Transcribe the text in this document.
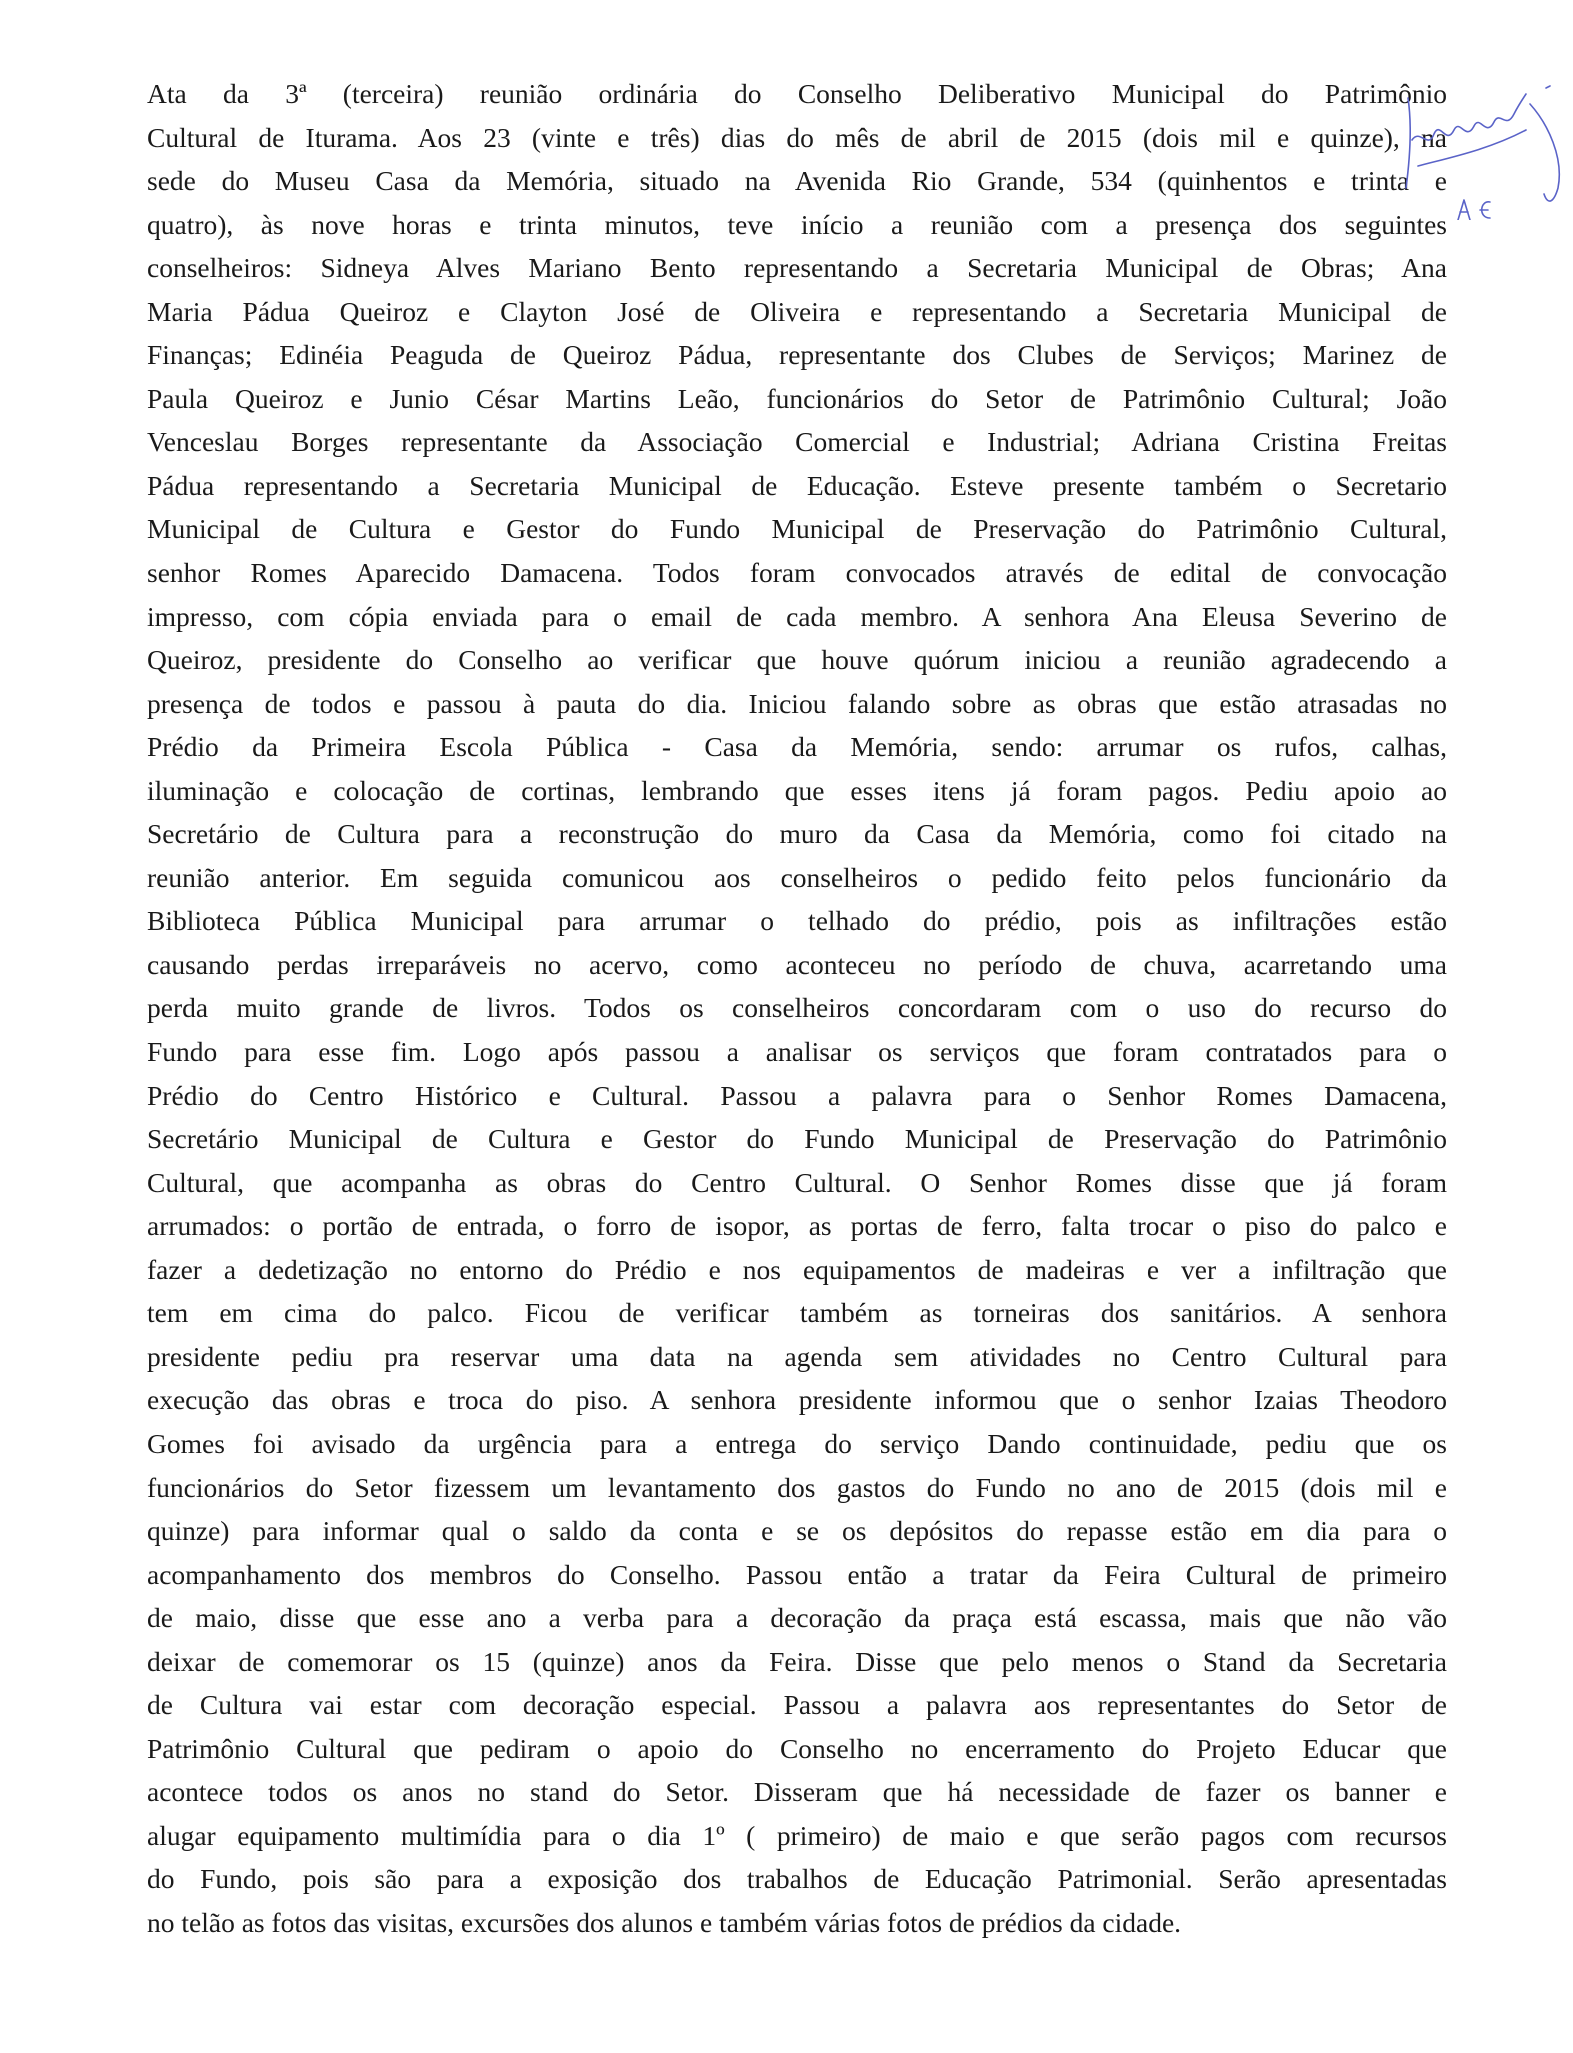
Ata da 3ª (terceira) reunião ordinária do Conselho Deliberativo Municipal do Patrimônio
Cultural de Iturama. Aos 23 (vinte e três) dias do mês de abril de 2015 (dois mil e quinze), na
sede do Museu Casa da Memória, situado na Avenida Rio Grande, 534 (quinhentos e trinta e
quatro), às nove horas e trinta minutos, teve início a reunião com a presença dos seguintes
conselheiros: Sidneya Alves Mariano Bento representando a Secretaria Municipal de Obras; Ana
Maria Pádua Queiroz e Clayton José de Oliveira e representando a Secretaria Municipal de
Finanças; Edinéia Peaguda de Queiroz Pádua, representante dos Clubes de Serviços; Marinez de
Paula Queiroz e Junio César Martins Leão, funcionários do Setor de Patrimônio Cultural; João
Venceslau Borges representante da Associação Comercial e Industrial; Adriana Cristina Freitas
Pádua representando a Secretaria Municipal de Educação. Esteve presente também o Secretario
Municipal de Cultura e Gestor do Fundo Municipal de Preservação do Patrimônio Cultural,
senhor Romes Aparecido Damacena. Todos foram convocados através de edital de convocação
impresso, com cópia enviada para o email de cada membro. A senhora Ana Eleusa Severino de
Queiroz, presidente do Conselho ao verificar que houve quórum iniciou a reunião agradecendo a
presença de todos e passou à pauta do dia. Iniciou falando sobre as obras que estão atrasadas no
Prédio da Primeira Escola Pública - Casa da Memória, sendo: arrumar os rufos, calhas,
iluminação e colocação de cortinas, lembrando que esses itens já foram pagos. Pediu apoio ao
Secretário de Cultura para a reconstrução do muro da Casa da Memória, como foi citado na
reunião anterior. Em seguida comunicou aos conselheiros o pedido feito pelos funcionário da
Biblioteca Pública Municipal para arrumar o telhado do prédio, pois as infiltrações estão
causando perdas irreparáveis no acervo, como aconteceu no período de chuva, acarretando uma
perda muito grande de livros. Todos os conselheiros concordaram com o uso do recurso do
Fundo para esse fim. Logo após passou a analisar os serviços que foram contratados para o
Prédio do Centro Histórico e Cultural. Passou a palavra para o Senhor Romes Damacena,
Secretário Municipal de Cultura e Gestor do Fundo Municipal de Preservação do Patrimônio
Cultural, que acompanha as obras do Centro Cultural. O Senhor Romes disse que já foram
arrumados: o portão de entrada, o forro de isopor, as portas de ferro, falta trocar o piso do palco e
fazer a dedetização no entorno do Prédio e nos equipamentos de madeiras e ver a infiltração que
tem em cima do palco. Ficou de verificar também as torneiras dos sanitários. A senhora
presidente pediu pra reservar uma data na agenda sem atividades no Centro Cultural para
execução das obras e troca do piso. A senhora presidente informou que o senhor Izaias Theodoro
Gomes foi avisado da urgência para a entrega do serviço Dando continuidade, pediu que os
funcionários do Setor fizessem um levantamento dos gastos do Fundo no ano de 2015 (dois mil e
quinze) para informar qual o saldo da conta e se os depósitos do repasse estão em dia para o
acompanhamento dos membros do Conselho. Passou então a tratar da Feira Cultural de primeiro
de maio, disse que esse ano a verba para a decoração da praça está escassa, mais que não vão
deixar de comemorar os 15 (quinze) anos da Feira. Disse que pelo menos o Stand da Secretaria
de Cultura vai estar com decoração especial. Passou a palavra aos representantes do Setor de
Patrimônio Cultural que pediram o apoio do Conselho no encerramento do Projeto Educar que
acontece todos os anos no stand do Setor. Disseram que há necessidade de fazer os banner e
alugar equipamento multimídia para o dia 1º ( primeiro) de maio e que serão pagos com recursos
do Fundo, pois são para a exposição dos trabalhos de Educação Patrimonial. Serão apresentadas
no telão as fotos das visitas, excursões dos alunos e também várias fotos de prédios da cidade.
